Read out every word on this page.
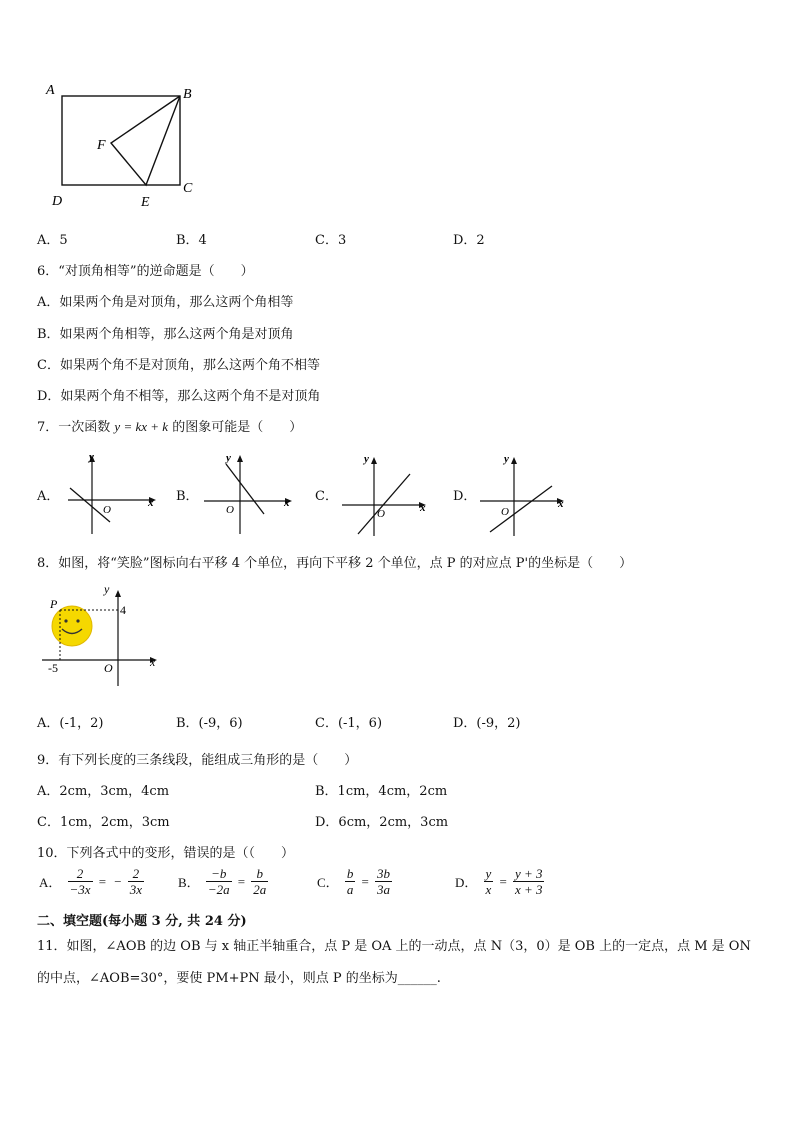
A	B
C
D	E
F
A．5	B．4	C．3	D．2
6．“对顶角相等”的逆命题是（　　）
A．如果两个角是对顶角，那么这两个角相等
B．如果两个角相等，那么这两个角是对顶角
C．如果两个角不是对顶角，那么这两个角不相等
D．如果两个角不相等，那么这两个角不是对顶角
7．一次函数 y = kx + k 的图象可能是（　　）
A．	B．	C．	D．
y
x
O
y
x
O
y
x
O
y
x
O
8．如图，将“笑脸”图标向右平移 4 个单位，再向下平移 2 个单位，点 P 的对应点 P'的坐标是（　　）
P
y
x
O
4
-5
A．(-1，2)	B．(-9，6)	C．(-1，6)	D．(-9，2)
9．有下列长度的三条线段，能组成三角形的是（　　）
A．2cm，3cm，4cm	B．1cm，4cm，2cm
C．1cm，2cm，3cm	D．6cm，2cm，3cm
10．下列各式中的变形，错误的是（（　　）
A． $\frac{2}{-3x}$ = − $\frac{2}{3x}$	B． $\frac{-b}{-2a} = \frac{b}{2a}$	C． $\frac{b}{a} = \frac{3b}{3a}$	D． $\frac{y}{x} = \frac{y + 3}{x + 3}$
二、填空题(每小题 3 分, 共 24 分)
11．如图，∠AOB 的边 OB 与 x 轴正半轴重合，点 P 是 OA 上的一动点，点 N（3，0）是 OB 上的一定点，点 M 是 ON
的中点，∠AOB=30°，要使 PM+PN 最小，则点 P 的坐标为______.
